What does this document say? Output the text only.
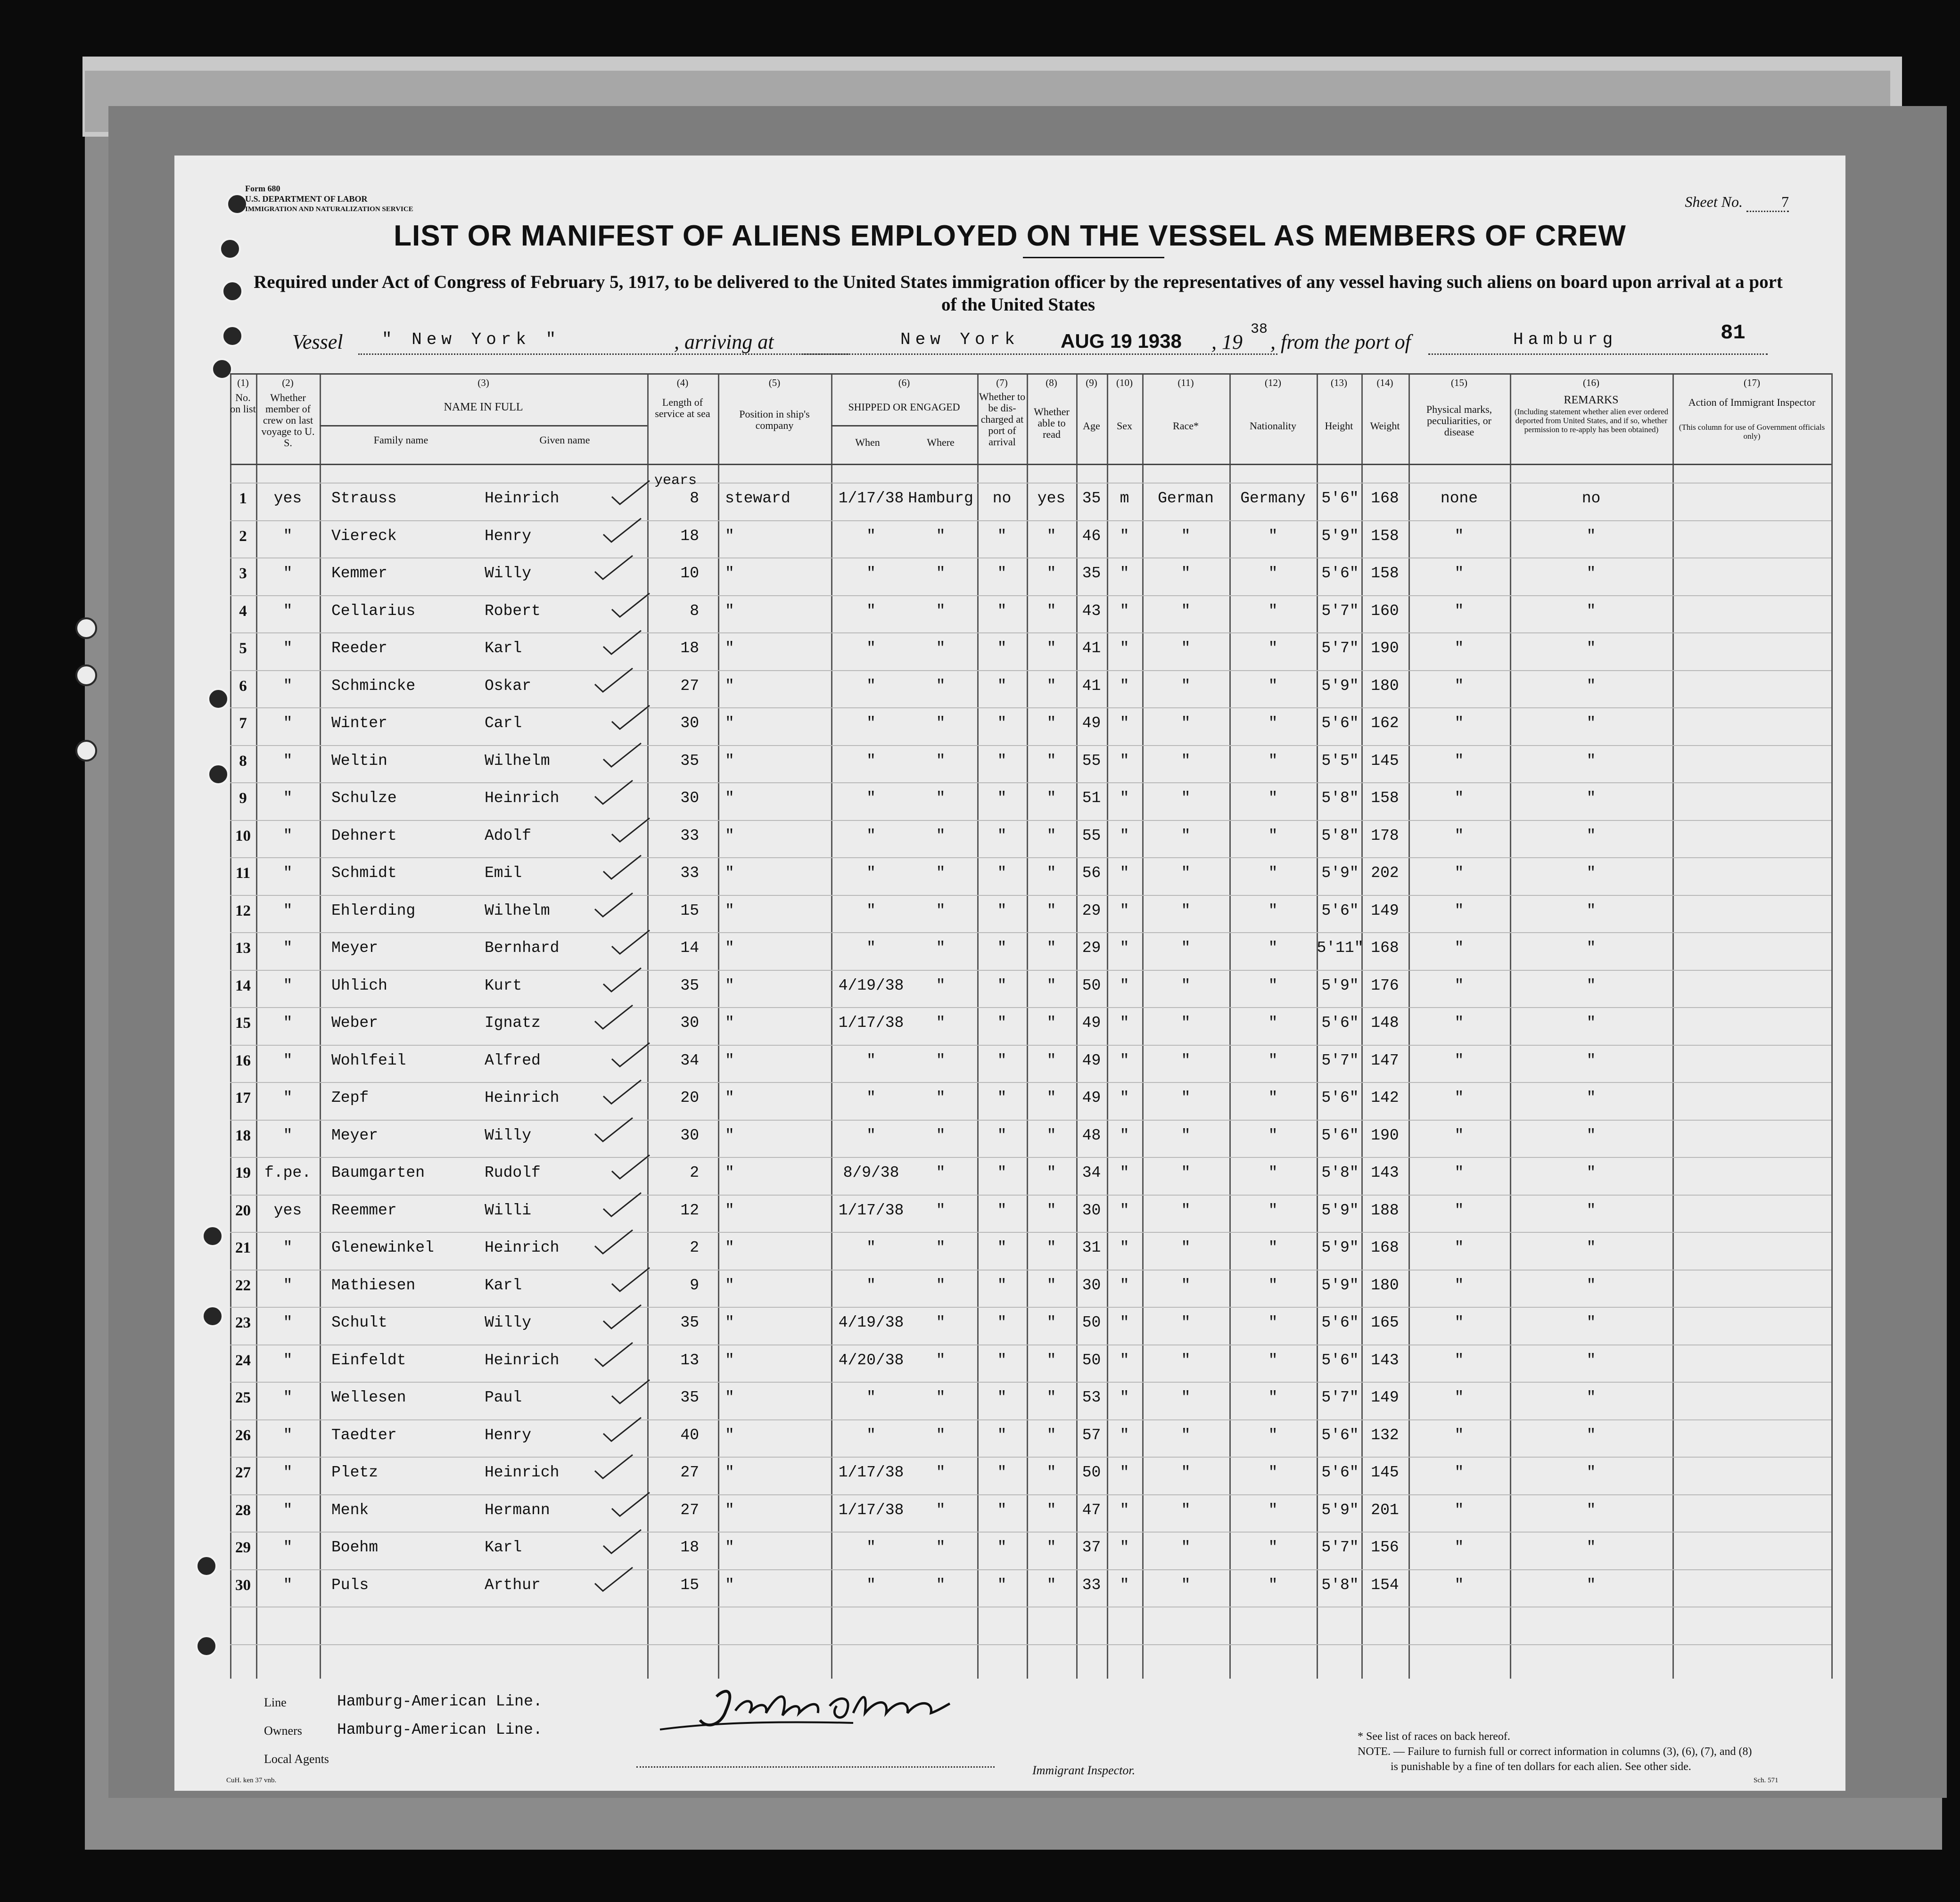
Form 680
U.S. DEPARTMENT OF LABOR
IMMIGRATION AND NATURALIZATION SERVICE	Sheet No.	7
LIST OR MANIFEST OF ALIENS EMPLOYED ON THE VESSEL AS MEMBERS OF CREW
Required under Act of Congress of February 5, 1917, to be delivered to the United States immigration officer by the representatives of any vessel having such aliens on board upon arrival at a port of the United States
Vessel " New York "	, arriving at	New York AUG 19 1938 , 19
38
, from the port of	Hamburg	81
(1)	(2)	(3)	(4)	(5)	(6)	(7)	(8)	(9)	(10)	(11)	(12)	(13)	(14)	(15)	(16)	(17)
No. on list
Whether member of crew on last voyage to U. S.
NAME IN FULL
Family name	Given name
Length of service at sea	Position in ship's company
SHIPPED OR ENGAGED
When	Where
Whether to be dis-charged at port of arrival
Whether able to read
Age	Sex	Race*	Nationality	Height	Weight
Physical marks, peculiarities, or disease
REMARKS
(Including statement whether alien ever ordered deported from United States, and if so, whether permission to re-apply has been obtained)
Action of Immigrant Inspector
(This column for use of Government officials only)
years
1	yes	Strauss	Heinrich	8 steward	1/17/38 Hamburg	no	yes	35	m	German	Germany	5'6" 168	none	no
2	"	Viereck	Henry	18 "	"	"	"	"	46	"	"	"	5'9" 158	"	"
3	"	Kemmer	Willy	10 "	"	"	"	"	35	"	"	"	5'6" 158	"	"
4	"	Cellarius	Robert	8 "	"	"	"	"	43	"	"	"	5'7" 160	"	"
5	"	Reeder	Karl	18 "	"	"	"	"	41	"	"	"	5'7" 190	"	"
6	"	Schmincke	Oskar	27 "	"	"	"	"	41	"	"	"	5'9" 180	"	"
7	"	Winter	Carl	30 "	"	"	"	"	49	"	"	"	5'6" 162	"	"
8	"	Weltin	Wilhelm	35 "	"	"	"	"	55	"	"	"	5'5" 145	"	"
9	"	Schulze	Heinrich	30 "	"	"	"	"	51	"	"	"	5'8" 158	"	"
10	"	Dehnert	Adolf	33 "	"	"	"	"	55	"	"	"	5'8" 178	"	"
11	"	Schmidt	Emil	33 "	"	"	"	"	56	"	"	"	5'9" 202	"	"
12	"	Ehlerding	Wilhelm	15 "	"	"	"	"	29	"	"	"	5'6" 149	"	"
13	"	Meyer	Bernhard	14 "	"	"	"	"	29	"	"	"	5'11" 168	"	"
14	"	Uhlich	Kurt	35 "	4/19/38	"	"	"	50	"	"	"	5'9" 176	"	"
15	"	Weber	Ignatz	30 "	1/17/38	"	"	"	49	"	"	"	5'6" 148	"	"
16	"	Wohlfeil	Alfred	34 "	"	"	"	"	49	"	"	"	5'7" 147	"	"
17	"	Zepf	Heinrich	20 "	"	"	"	"	49	"	"	"	5'6" 142	"	"
18	"	Meyer	Willy	30 "	"	"	"	"	48	"	"	"	5'6" 190	"	"
19 f.pe.	Baumgarten	Rudolf	2 "	8/9/38	"	"	"	34	"	"	"	5'8" 143	"	"
20	yes	Reemmer	Willi	12 "	1/17/38	"	"	"	30	"	"	"	5'9" 188	"	"
21	"	Glenewinkel	Heinrich	2 "	"	"	"	"	31	"	"	"	5'9" 168	"	"
22	"	Mathiesen	Karl	9 "	"	"	"	"	30	"	"	"	5'9" 180	"	"
23	"	Schult	Willy	35 "	4/19/38	"	"	"	50	"	"	"	5'6" 165	"	"
24	"	Einfeldt	Heinrich	13 "	4/20/38	"	"	"	50	"	"	"	5'6" 143	"	"
25	"	Wellesen	Paul	35 "	"	"	"	"	53	"	"	"	5'7" 149	"	"
26	"	Taedter	Henry	40 "	"	"	"	"	57	"	"	"	5'6" 132	"	"
27	"	Pletz	Heinrich	27 "	1/17/38	"	"	"	50	"	"	"	5'6" 145	"	"
28	"	Menk	Hermann	27 "	1/17/38	"	"	"	47	"	"	"	5'9" 201	"	"
29	"	Boehm	Karl	18 "	"	"	"	"	37	"	"	"	5'7" 156	"	"
30	"	Puls	Arthur	15 "	"	"	"	"	33	"	"	"	5'8" 154	"	"
Line	Hamburg-American Line.
Owners Hamburg-American Line.
Local Agents
Immigrant Inspector.
* See list of races on back hereof.
NOTE. — Failure to furnish full or correct information in columns (3), (6), (7), and (8)
is punishable by a fine of ten dollars for each alien. See other side.
CuH. ken 37 vnb.	Sch. 571
